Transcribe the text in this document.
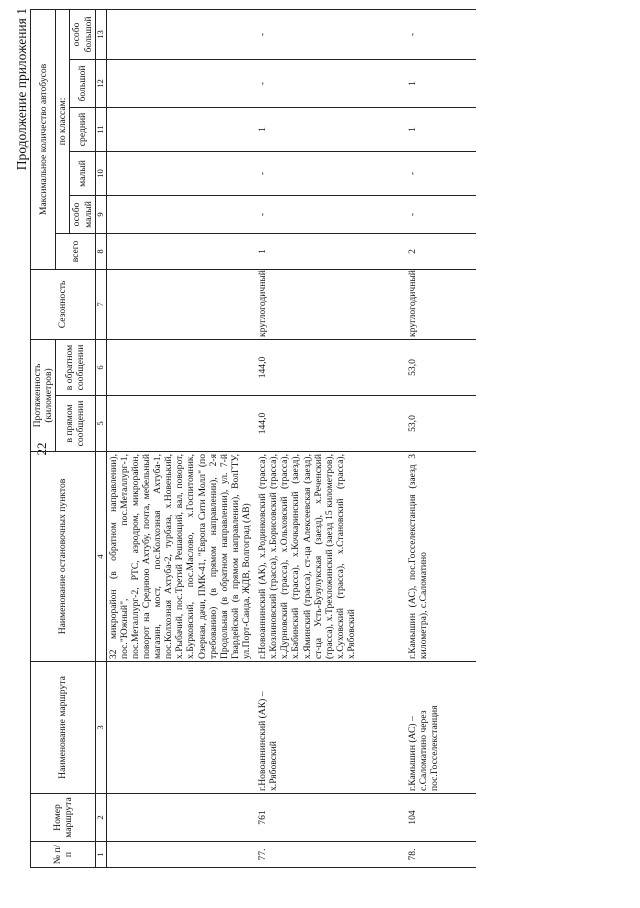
22
Продолжение приложения 1
№ п/п	Номер маршрута	Наименование маршрута	Наименование остановочных пунктов	Протяженность (километров)		Сезонность	Максимальное количество автобусов					
				в прямом сообщении	в обратном сообщении		всего	по классам:				
								особо малый	малый	средний	большой	особо большой
1	2	3	4	5	6	7	8	9	10	11	12	13
			32 микрорайон (в обратном направлении), пос."Южный", пос.Металлург-1, пос.Металлург-2, РТС, аэродром, микрорайон, поворот на Среднюю Ахтубу, почта, мебельный магазин, мост, пос.Колхозная Ахтуба-1, пос.Колхозная Ахтуба-2, турбаза, х.Новенький, х.Рыбачий, пос.Третий Решающий, вал, поворот, х.Бурковский, пос.Маслово, х.Госпитомник, Озерная, дачи, ПМК-41, "Европа Сити Молл" (по требованию) (в прямом направлении), 2-я Продольная (в обратном направлении), ул. 7-й Гвардейской (в прямом направлении), ВолГТУ, ул.Порт-Саида, ЖДВ, Волгоград (АВ)									
77.	761	г.Новоаннинский (АК) – х.Рябовский	г.Новоаннинский (АК), х.Родинковский (трасса), х.Козлиновский (трасса), х.Борисовский (трасса), х.Дурновский (трасса), х.Ольховский (трасса), х.Бабинский (трасса), х.Кочкаринский (заезд), х.Яминский (трасса), ст-ца Алексеевская (заезд), ст-ца Усть-Бузулукская (заезд), х.Реченский (трасса), х.Трехложинский (заезд 15 километров), х.Суховский (трасса), х.Становский (трасса), х.Рябовский	144,0	144,0	круглогодичный	1	-	-	1	-	-
78.	104	г.Камышин (АС) – с.Саломатино через пос.Госселекстанция	г.Камышин (АС), пос.Госселекстанция (заезд 3 километра), с.Саломатино	53,0	53,0	круглогодичный	2	-	-	1	1	-
